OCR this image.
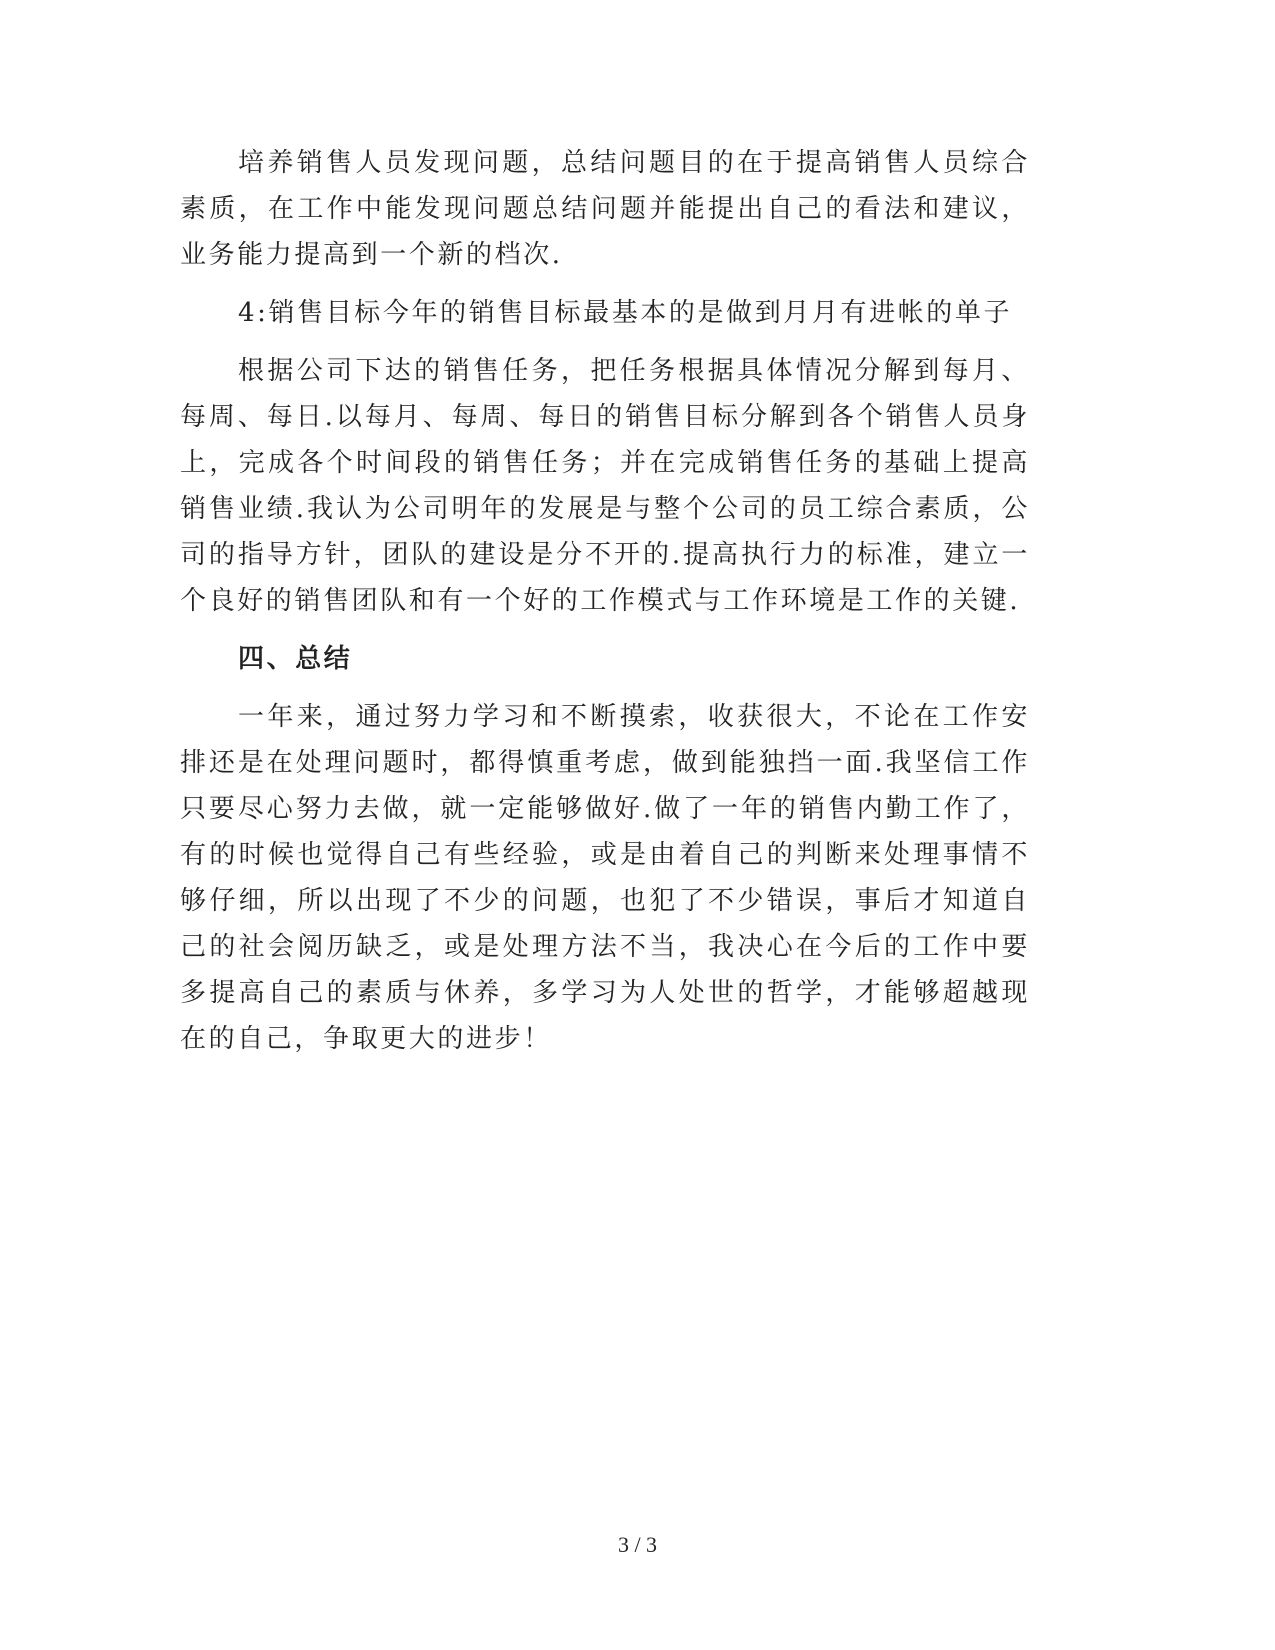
培养销售人员发现问题，总结问题目的在于提高销售人员综合素质，在工作中能发现问题总结问题并能提出自己的看法和建议，业务能力提高到一个新的档次.

4:销售目标今年的销售目标最基本的是做到月月有进帐的单子

根据公司下达的销售任务，把任务根据具体情况分解到每月、每周、每日.以每月、每周、每日的销售目标分解到各个销售人员身上，完成各个时间段的销售任务；并在完成销售任务的基础上提高销售业绩.我认为公司明年的发展是与整个公司的员工综合素质，公司的指导方针，团队的建设是分不开的.提高执行力的标准，建立一个良好的销售团队和有一个好的工作模式与工作环境是工作的关键.

四、总结

一年来，通过努力学习和不断摸索，收获很大，不论在工作安排还是在处理问题时，都得慎重考虑，做到能独挡一面.我坚信工作只要尽心努力去做，就一定能够做好.做了一年的销售内勤工作了，有的时候也觉得自己有些经验，或是由着自己的判断来处理事情不够仔细，所以出现了不少的问题，也犯了不少错误，事后才知道自己的社会阅历缺乏，或是处理方法不当，我决心在今后的工作中要多提高自己的素质与休养，多学习为人处世的哲学，才能够超越现在的自己，争取更大的进步！

3 / 3
